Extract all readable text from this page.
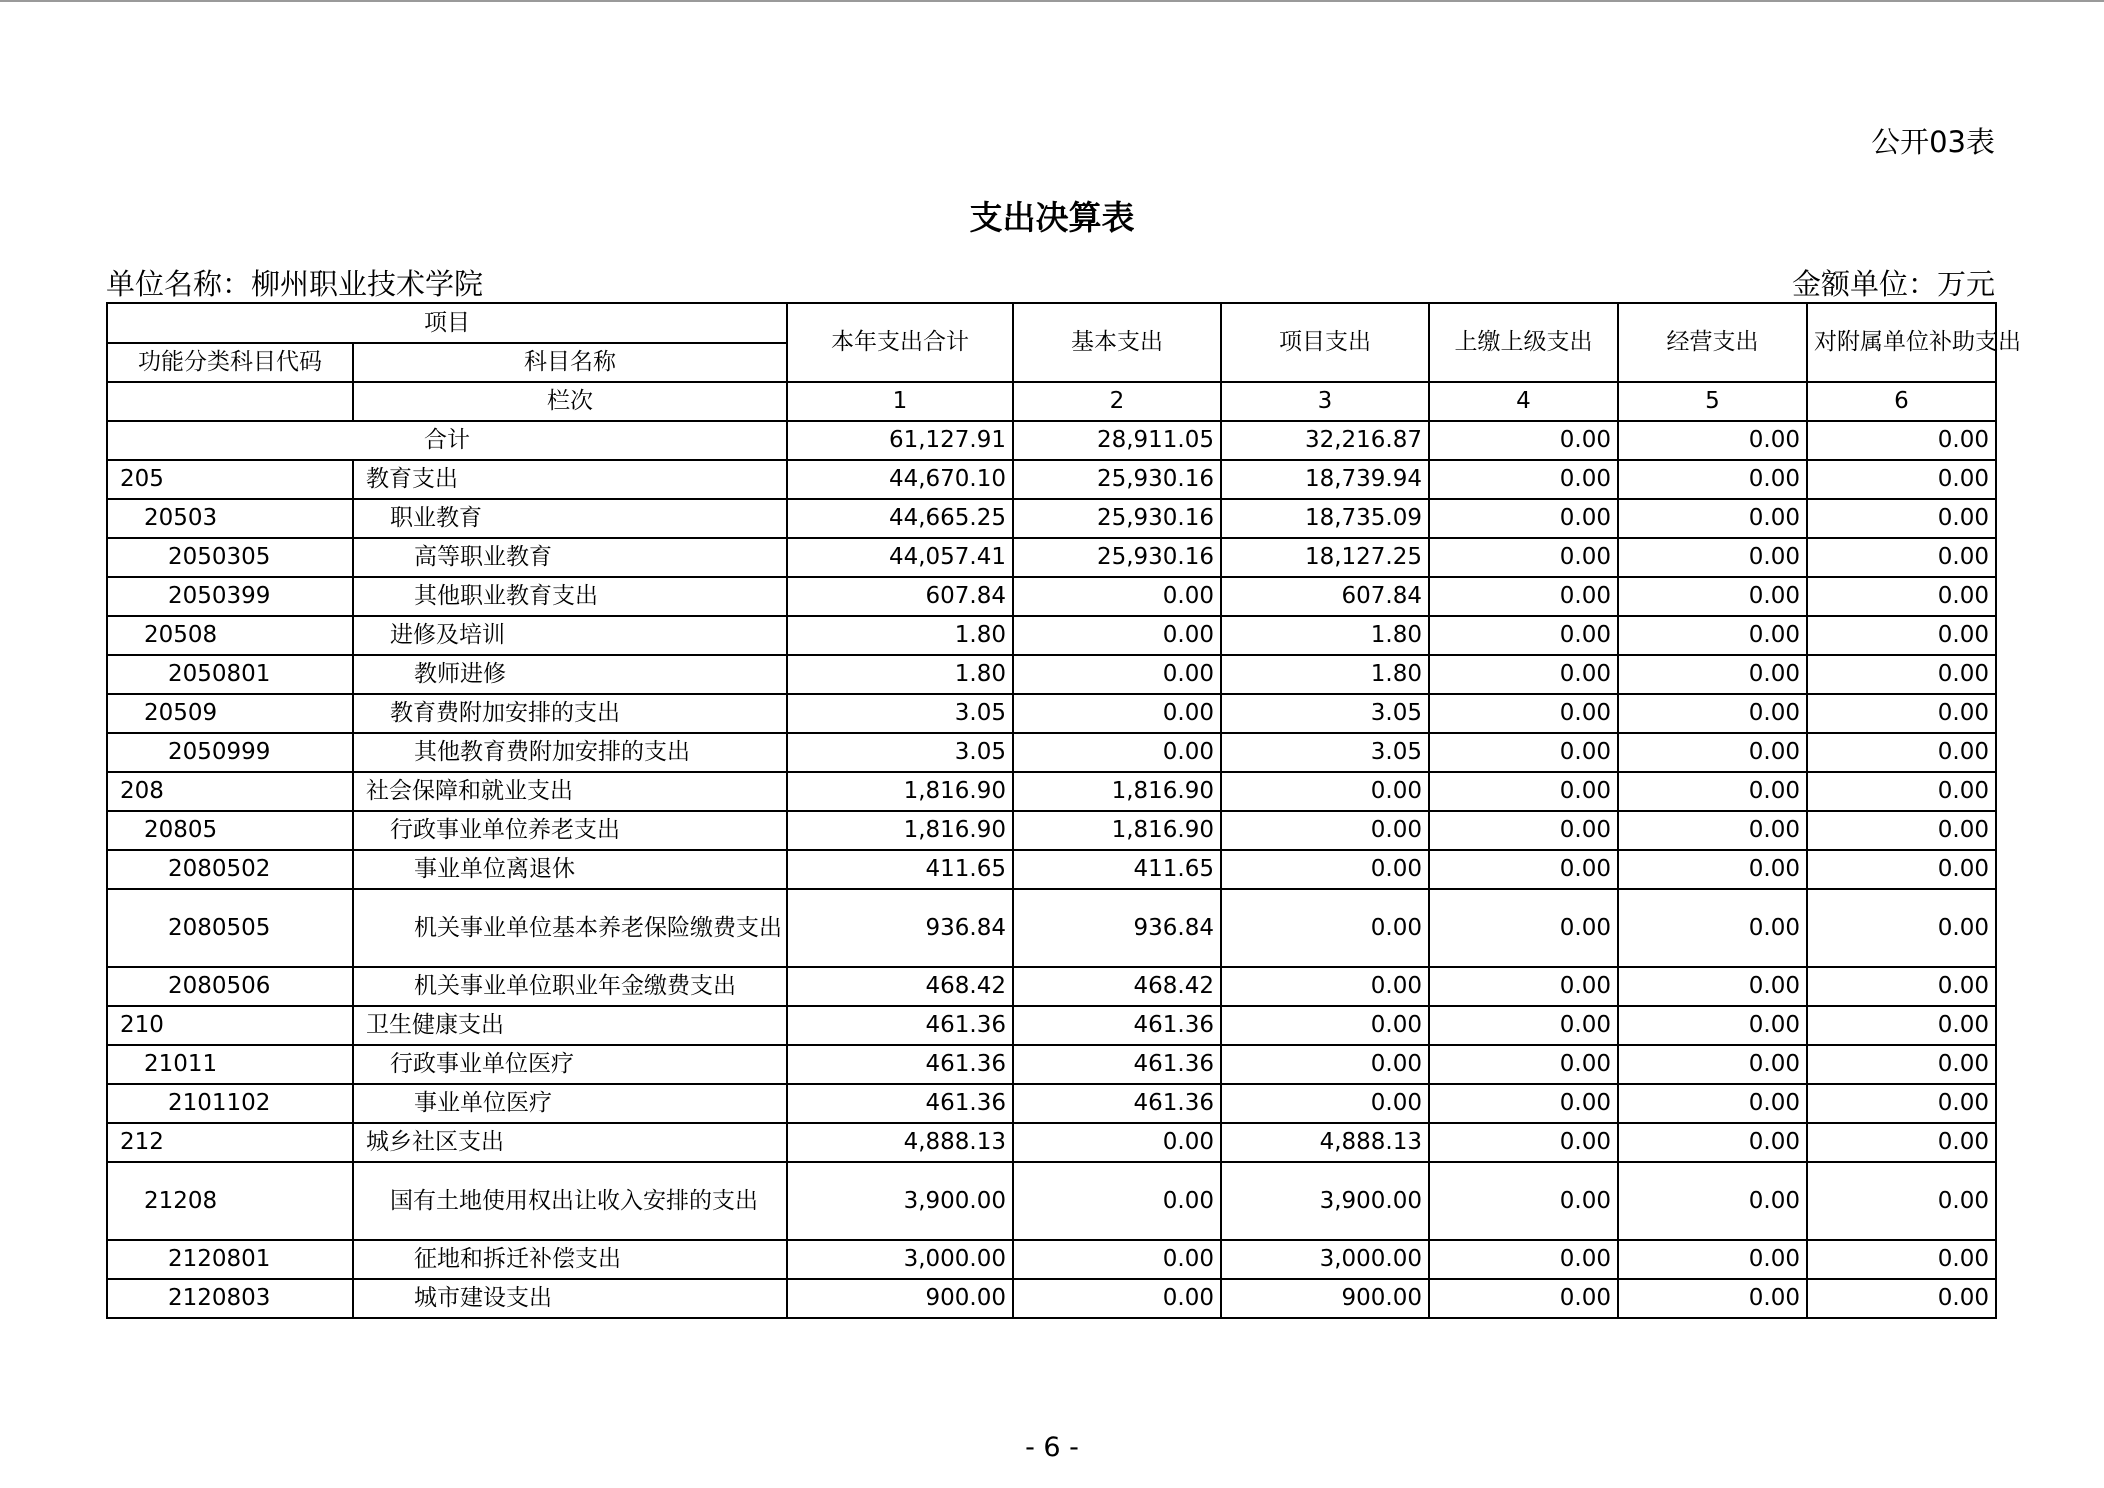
公开03表
支出决算表
单位名称：柳州职业技术学院	金额单位：万元
项目		本年支出合计	基本支出	项目支出	上缴上级支出	经营支出	对附属单位补助支出
功能分类科目代码	科目名称						
	栏次	1	2	3	4	5	6
合计		61,127.91	28,911.05	32,216.87	0.00	0.00	0.00
205	教育支出	44,670.10	25,930.16	18,739.94	0.00	0.00	0.00
20503	职业教育	44,665.25	25,930.16	18,735.09	0.00	0.00	0.00
2050305	高等职业教育	44,057.41	25,930.16	18,127.25	0.00	0.00	0.00
2050399	其他职业教育支出	607.84	0.00	607.84	0.00	0.00	0.00
20508	进修及培训	1.80	0.00	1.80	0.00	0.00	0.00
2050801	教师进修	1.80	0.00	1.80	0.00	0.00	0.00
20509	教育费附加安排的支出	3.05	0.00	3.05	0.00	0.00	0.00
2050999	其他教育费附加安排的支出	3.05	0.00	3.05	0.00	0.00	0.00
208	社会保障和就业支出	1,816.90	1,816.90	0.00	0.00	0.00	0.00
20805	行政事业单位养老支出	1,816.90	1,816.90	0.00	0.00	0.00	0.00
2080502	事业单位离退休	411.65	411.65	0.00	0.00	0.00	0.00
2080505	机关事业单位基本养老保险缴费支出	936.84	936.84	0.00	0.00	0.00	0.00
2080506	机关事业单位职业年金缴费支出	468.42	468.42	0.00	0.00	0.00	0.00
210	卫生健康支出	461.36	461.36	0.00	0.00	0.00	0.00
21011	行政事业单位医疗	461.36	461.36	0.00	0.00	0.00	0.00
2101102	事业单位医疗	461.36	461.36	0.00	0.00	0.00	0.00
212	城乡社区支出	4,888.13	0.00	4,888.13	0.00	0.00	0.00
21208	国有土地使用权出让收入安排的支出	3,900.00	0.00	3,900.00	0.00	0.00	0.00
2120801	征地和拆迁补偿支出	3,000.00	0.00	3,000.00	0.00	0.00	0.00
2120803	城市建设支出	900.00	0.00	900.00	0.00	0.00	0.00
- 6 -
